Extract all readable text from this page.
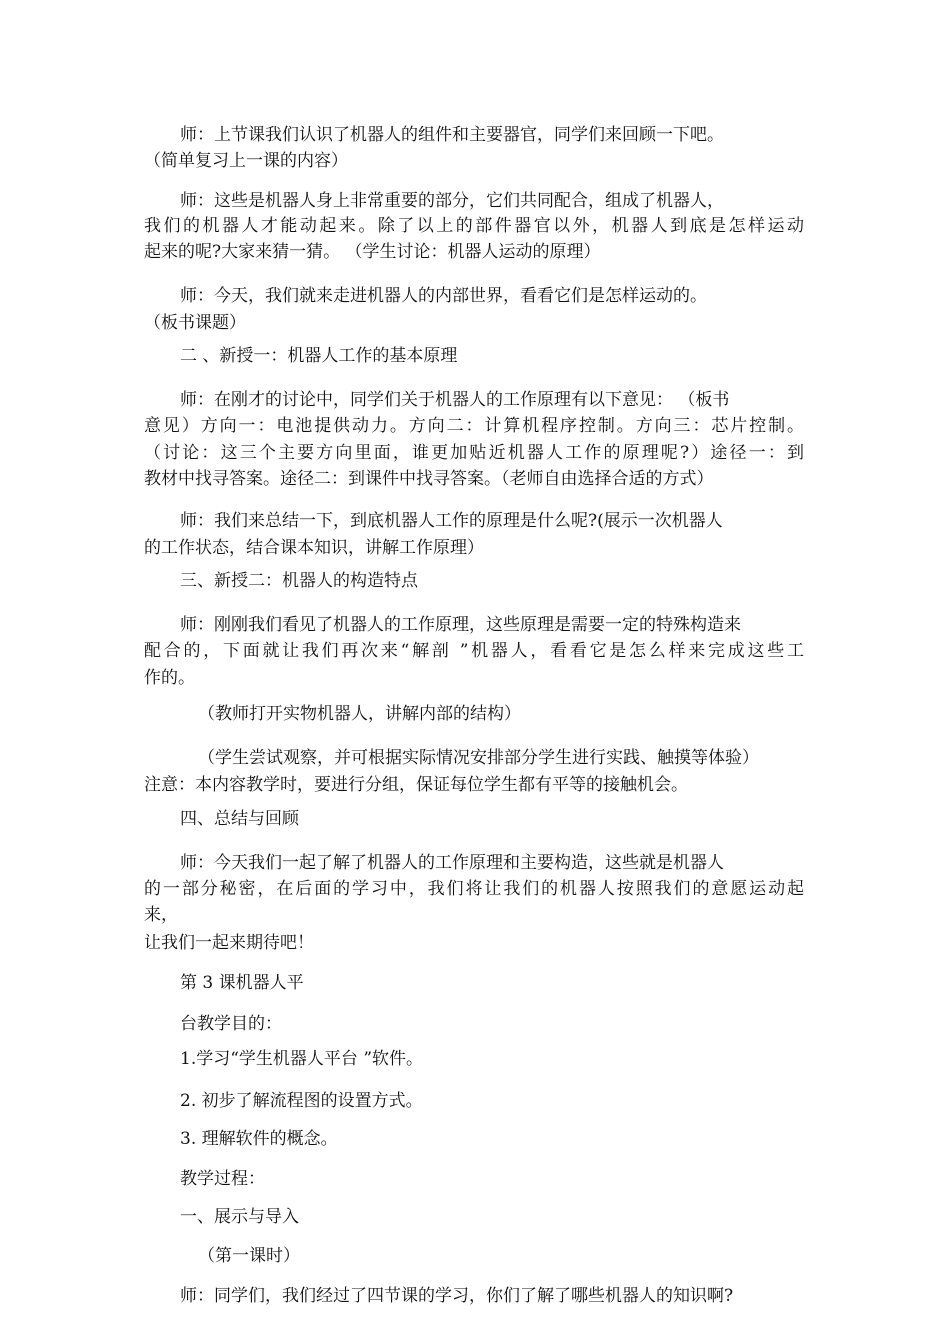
师：上节课我们认识了机器人的组件和主要器官，同学们来回顾一下吧。
（简单复习上一课的内容）
师：这些是机器人身上非常重要的部分，它们共同配合，组成了机器人，
我们的机器人才能动起来。除了以上的部件器官以外，机器人到底是怎样运动
起来的呢?大家来猜一猜。 （学生讨论：机器人运动的原理）
师：今天，我们就来走进机器人的内部世界，看看它们是怎样运动的。
（板书课题）
二 、新授一：机器人工作的基本原理
师：在刚才的讨论中，同学们关于机器人的工作原理有以下意见： （板书
意见）方向一：电池提供动力。方向二：计算机程序控制。方向三：芯片控制。
（讨论：这三个主要方向里面，谁更加贴近机器人工作的原理呢?）途径一：到
教材中找寻答案。途径二：到课件中找寻答案。（老师自由选择合适的方式）
师：我们来总结一下，到底机器人工作的原理是什么呢?(展示一次机器人
的工作状态，结合课本知识，讲解工作原理）
三、新授二：机器人的构造特点
师：刚刚我们看见了机器人的工作原理，这些原理是需要一定的特殊构造来
配合的，下面就让我们再次来“解剖 ”机器人，看看它是怎么样来完成这些工
作的。
（教师打开实物机器人，讲解内部的结构）
（学生尝试观察，并可根据实际情况安排部分学生进行实践、触摸等体验）
注意：本内容教学时，要进行分组，保证每位学生都有平等的接触机会。
四、总结与回顾
师：今天我们一起了解了机器人的工作原理和主要构造，这些就是机器人
的一部分秘密，在后面的学习中，我们将让我们的机器人按照我们的意愿运动起
来，
让我们一起来期待吧！
第 3 课机器人平
台教学目的：
1.学习“学生机器人平台 ”软件。
2. 初步了解流程图的设置方式。
3. 理解软件的概念。
教学过程：
一、展示与导入
（第一课时）
师：同学们，我们经过了四节课的学习，你们了解了哪些机器人的知识啊?
